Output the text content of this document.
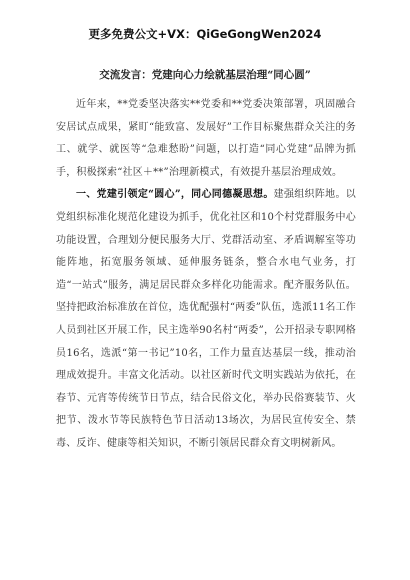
更多免费公文+VX：QiGeGongWen2024
交流发言：党建向心力绘就基层治理“同心圆”

近年来，**党委坚决落实**党委和**党委决策部署，巩固融合安居试点成果，紧盯“能致富、发展好”工作目标聚焦群众关注的务工、就学、就医等“急难愁盼”问题，以打造“同心党建”品牌为抓手，积极探索“社区＋**”治理新模式，有效提升基层治理成效。

一、党建引领定“圆心”，同心同德凝思想。建强组织阵地。以党组织标准化规范化建设为抓手，优化社区和10个村党群服务中心功能设置，合理划分便民服务大厅、党群活动室、矛盾调解室等功能阵地，拓宽服务领域、延伸服务链条，整合水电气业务，打造“一站式”服务，满足居民群众多样化功能需求。配齐服务队伍。坚持把政治标准放在首位，选优配强村“两委”队伍，选派11名工作人员到社区开展工作，民主选举90名村“两委”，公开招录专职网格员16名，选派“第一书记”10名，工作力量直达基层一线，推动治理成效提升。丰富文化活动。以社区新时代文明实践站为依托，在春节、元宵等传统节日节点，结合民俗文化，举办民俗赛装节、火把节、泼水节等民族特色节日活动13场次，为居民宣传安全、禁毒、反诈、健康等相关知识，不断引领居民群众育文明树新风。
